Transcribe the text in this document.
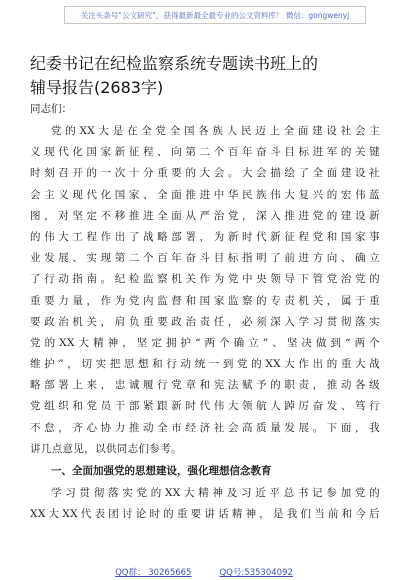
关注头条号“公文研究”，获得最新最全最专业的公文资料库！ 微信：gongwenyj
纪委书记在纪检监察系统专题读书班上的
辅导报告(2683字)
同志们：
党的XX大是在全党全国各族人民迈上全面建设社会主
义现代化国家新征程、向第二个百年奋斗目标进军的关键
时刻召开的一次十分重要的大会。大会描绘了全面建设社
会主义现代化国家、全面推进中华民族伟大复兴的宏伟蓝
图，对坚定不移推进全面从严治党，深入推进党的建设新
的伟大工程作出了战略部署，为新时代新征程党和国家事
业发展、实现第二个百年奋斗目标指明了前进方向、确立
了行动指南。纪检监察机关作为党中央领导下管党治党的
重要力量，作为党内监督和国家监察的专责机关，属于重
要政治机关，肩负重要政治责任，必须深入学习贯彻落实
党的XX大精神，坚定拥护“两个确立”、坚决做到“两个
维护”，切实把思想和行动统一到党的XX大作出的重大战
略部署上来，忠诚履行党章和宪法赋予的职责，推动各级
党组织和党员干部紧跟新时代伟大领航人踔厉奋发、笃行
不怠，齐心协力推动全市经济社会高质量发展。下面，我
讲几点意见，以供同志们参考。
一、全面加强党的思想建设，强化理想信念教育
学习贯彻落实党的XX大精神及习近平总书记参加党的
XX大XX代表团讨论时的重要讲话精神，是我们当前和今后
QQ群： 30265665	QQ号:535304092
